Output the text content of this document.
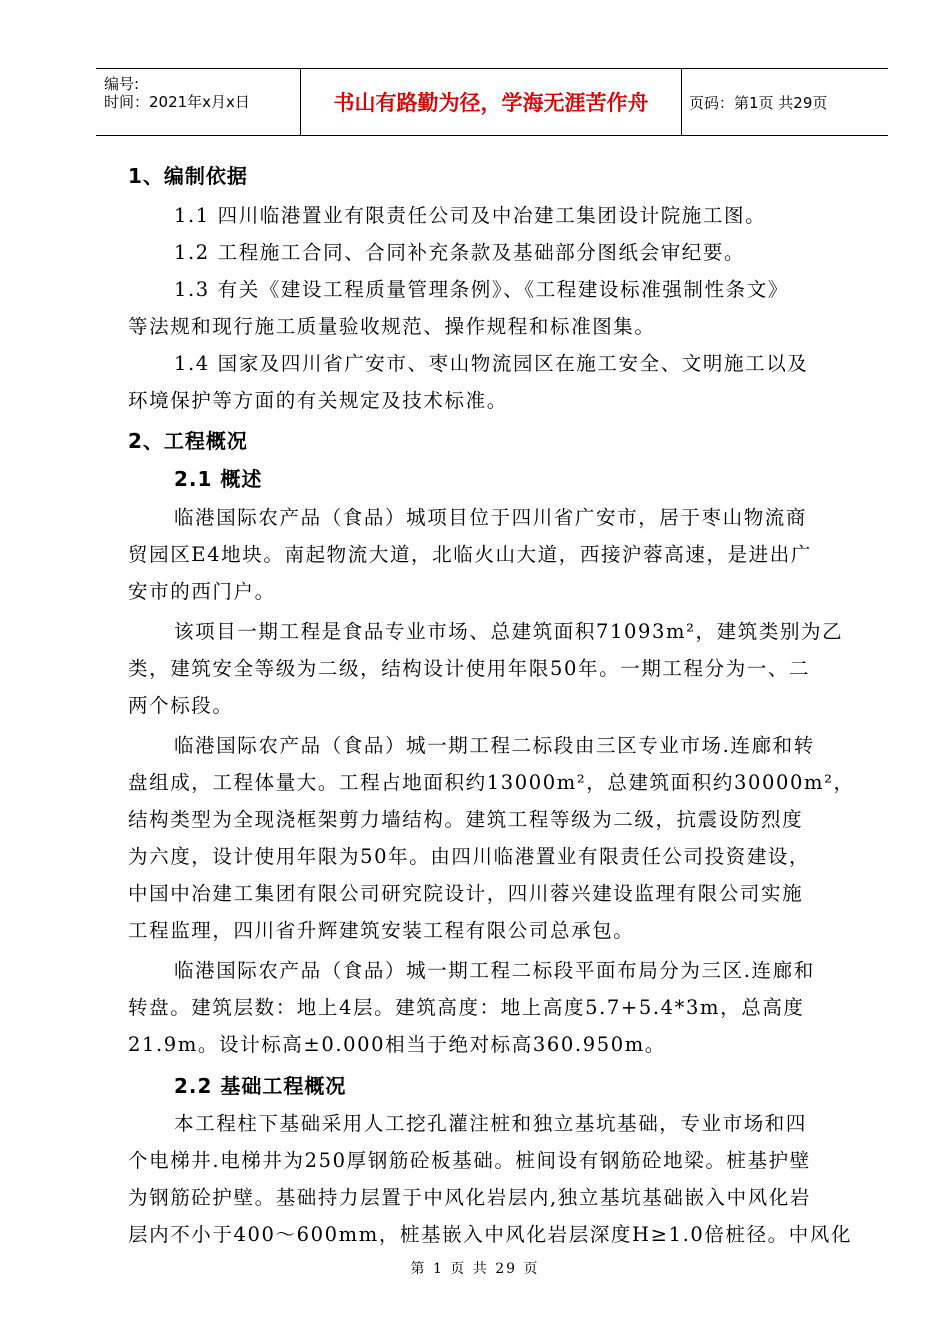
编号:
时间：2021年x月x日	书山有路勤为径，学海无涯苦作舟	页码：第1页 共29页
1、编制依据
1.1 四川临港置业有限责任公司及中冶建工集团设计院施工图。
1.2 工程施工合同、合同补充条款及基础部分图纸会审纪要。
1.3 有关《建设工程质量管理条例》、《工程建设标准强制性条文》
等法规和现行施工质量验收规范、操作规程和标准图集。
1.4 国家及四川省广安市、枣山物流园区在施工安全、文明施工以及
环境保护等方面的有关规定及技术标准。
2、工程概况
2.1 概述
临港国际农产品（食品）城项目位于四川省广安市，居于枣山物流商
贸园区E4地块。南起物流大道，北临火山大道，西接沪蓉高速，是进出广
安市的西门户。
该项目一期工程是食品专业市场、总建筑面积71093m²，建筑类别为乙
类，建筑安全等级为二级，结构设计使用年限50年。一期工程分为一、二
两个标段。
临港国际农产品（食品）城一期工程二标段由三区专业市场.连廊和转
盘组成，工程体量大。工程占地面积约13000m²，总建筑面积约30000m²，
结构类型为全现浇框架剪力墙结构。建筑工程等级为二级，抗震设防烈度
为六度，设计使用年限为50年。由四川临港置业有限责任公司投资建设，
中国中冶建工集团有限公司研究院设计，四川蓉兴建设监理有限公司实施
工程监理，四川省升辉建筑安装工程有限公司总承包。
临港国际农产品（食品）城一期工程二标段平面布局分为三区.连廊和
转盘。建筑层数：地上4层。建筑高度：地上高度5.7+5.4*3m，总高度
21.9m。设计标高±0.000相当于绝对标高360.950m。
2.2 基础工程概况
本工程柱下基础采用人工挖孔灌注桩和独立基坑基础，专业市场和四
个电梯井.电梯井为250厚钢筋砼板基础。桩间设有钢筋砼地梁。桩基护壁
为钢筋砼护壁。基础持力层置于中风化岩层内,独立基坑基础嵌入中风化岩
层内不小于400～600mm，桩基嵌入中风化岩层深度H≥1.0倍桩径。中风化
第 1 页 共 29 页
